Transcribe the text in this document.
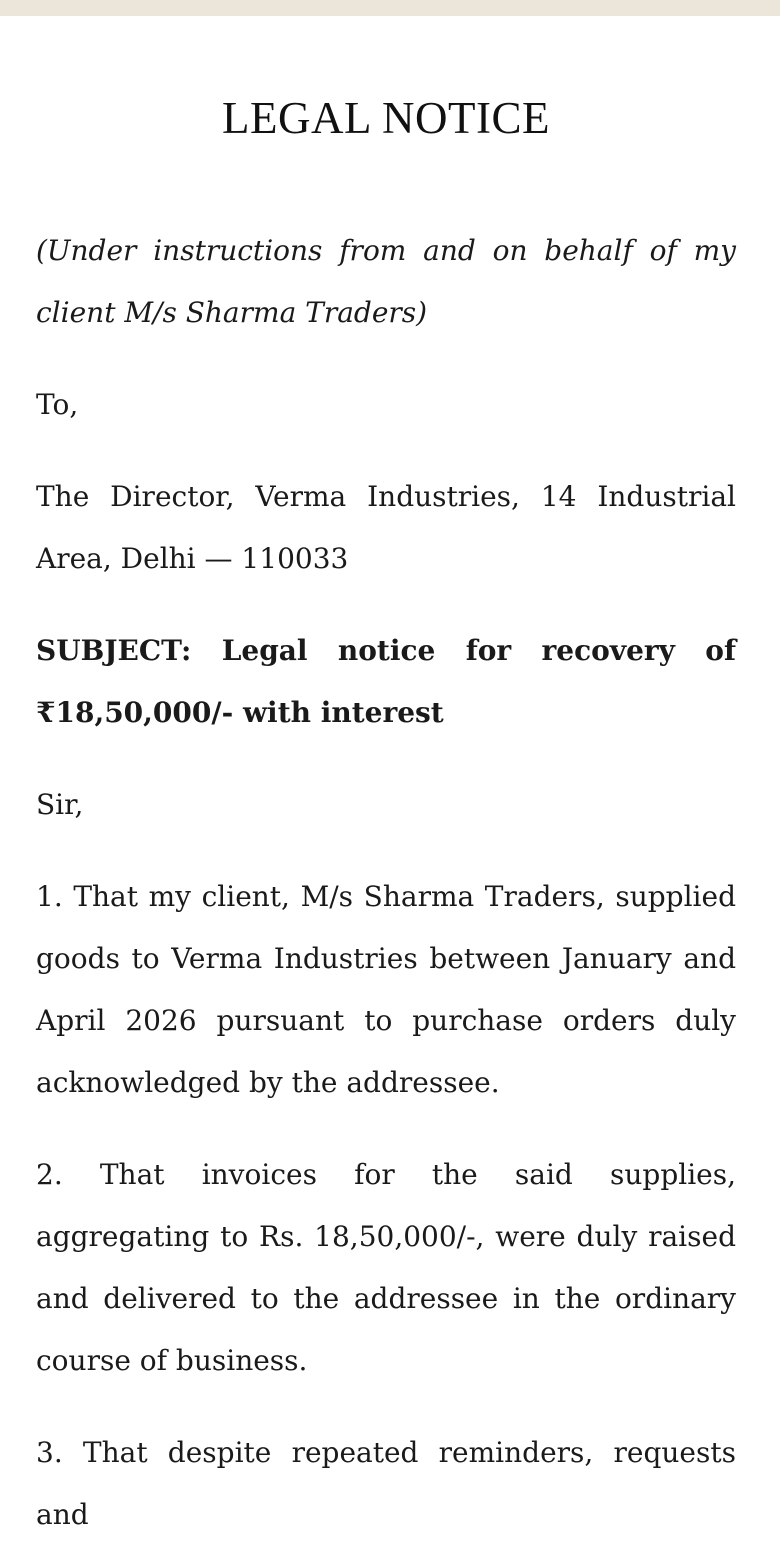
LEGAL NOTICE

(Under instructions from and on behalf of my client M/s Sharma Traders)

To,

The Director, Verma Industries, 14 Industrial Area, Delhi — 110033

SUBJECT: Legal notice for recovery of ₹18,50,000/- with interest

Sir,

1. That my client, M/s Sharma Traders, supplied goods to Verma Industries between January and April 2026 pursuant to purchase orders duly acknowledged by the addressee.

2. That invoices for the said supplies, aggregating to Rs. 18,50,000/-, were duly raised and delivered to the addressee in the ordinary course of business.

3. That despite repeated reminders, requests and
